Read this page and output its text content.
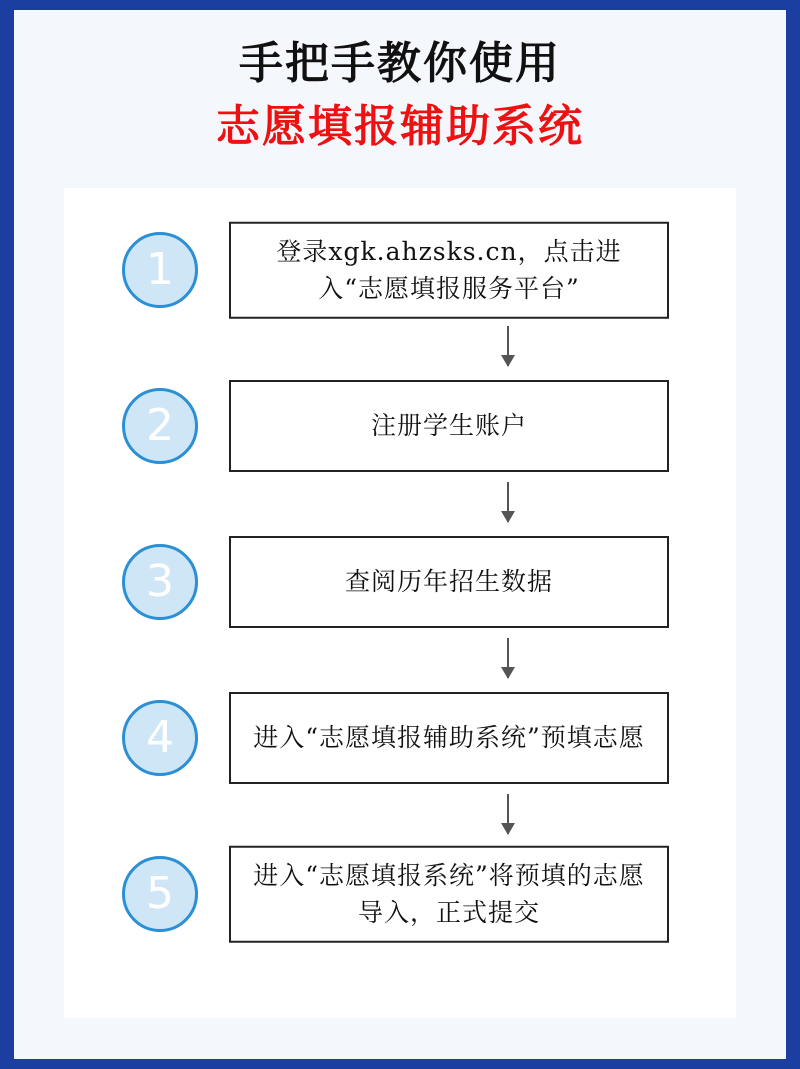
手把手教你使用
志愿填报辅助系统
1	登录xgk.ahzsks.cn，点击进入“志愿填报服务平台”
2	注册学生账户
3	查阅历年招生数据
4	进入“志愿填报辅助系统”预填志愿
5	进入“志愿填报系统”将预填的志愿导入，正式提交
